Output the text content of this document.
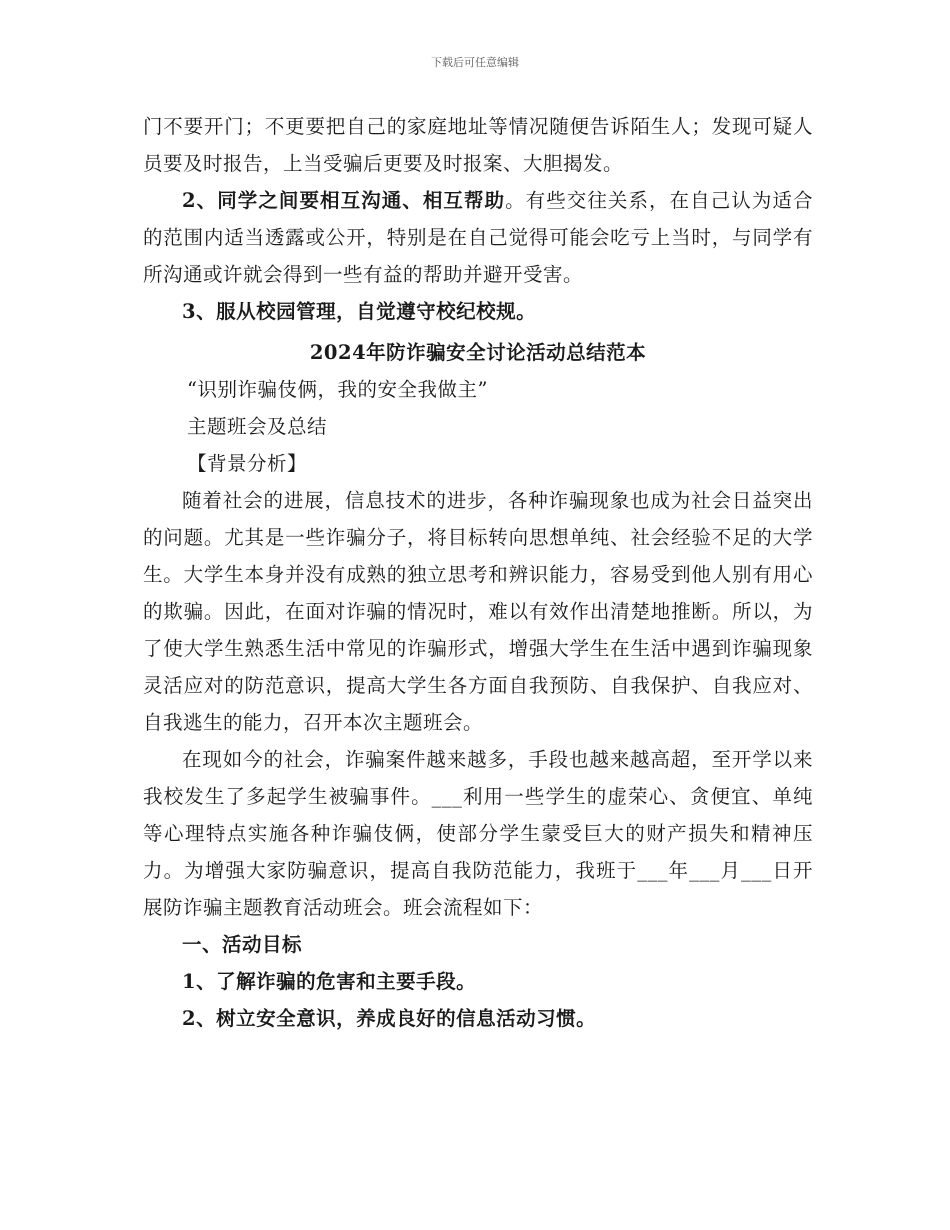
下载后可任意编辑

门不要开门；不更要把自己的家庭地址等情况随便告诉陌生人；发现可疑人员要及时报告，上当受骗后更要及时报案、大胆揭发。

2、同学之间要相互沟通、相互帮助。有些交往关系，在自己认为适合的范围内适当透露或公开，特别是在自己觉得可能会吃亏上当时，与同学有所沟通或许就会得到一些有益的帮助并避开受害。

3、服从校园管理，自觉遵守校纪校规。

2024年防诈骗安全讨论活动总结范本

“识别诈骗伎俩，我的安全我做主”

主题班会及总结

【背景分析】

随着社会的进展，信息技术的进步，各种诈骗现象也成为社会日益突出的问题。尤其是一些诈骗分子，将目标转向思想单纯、社会经验不足的大学生。大学生本身并没有成熟的独立思考和辨识能力，容易受到他人别有用心的欺骗。因此，在面对诈骗的情况时，难以有效作出清楚地推断。所以，为了使大学生熟悉生活中常见的诈骗形式，增强大学生在生活中遇到诈骗现象灵活应对的防范意识，提高大学生各方面自我预防、自我保护、自我应对、自我逃生的能力，召开本次主题班会。

在现如今的社会，诈骗案件越来越多，手段也越来越高超，至开学以来我校发生了多起学生被骗事件。___利用一些学生的虚荣心、贪便宜、单纯等心理特点实施各种诈骗伎俩，使部分学生蒙受巨大的财产损失和精神压力。为增强大家防骗意识，提高自我防范能力，我班于___年___月___日开展防诈骗主题教育活动班会。班会流程如下：

一、活动目标

1、了解诈骗的危害和主要手段。

2、树立安全意识，养成良好的信息活动习惯。
